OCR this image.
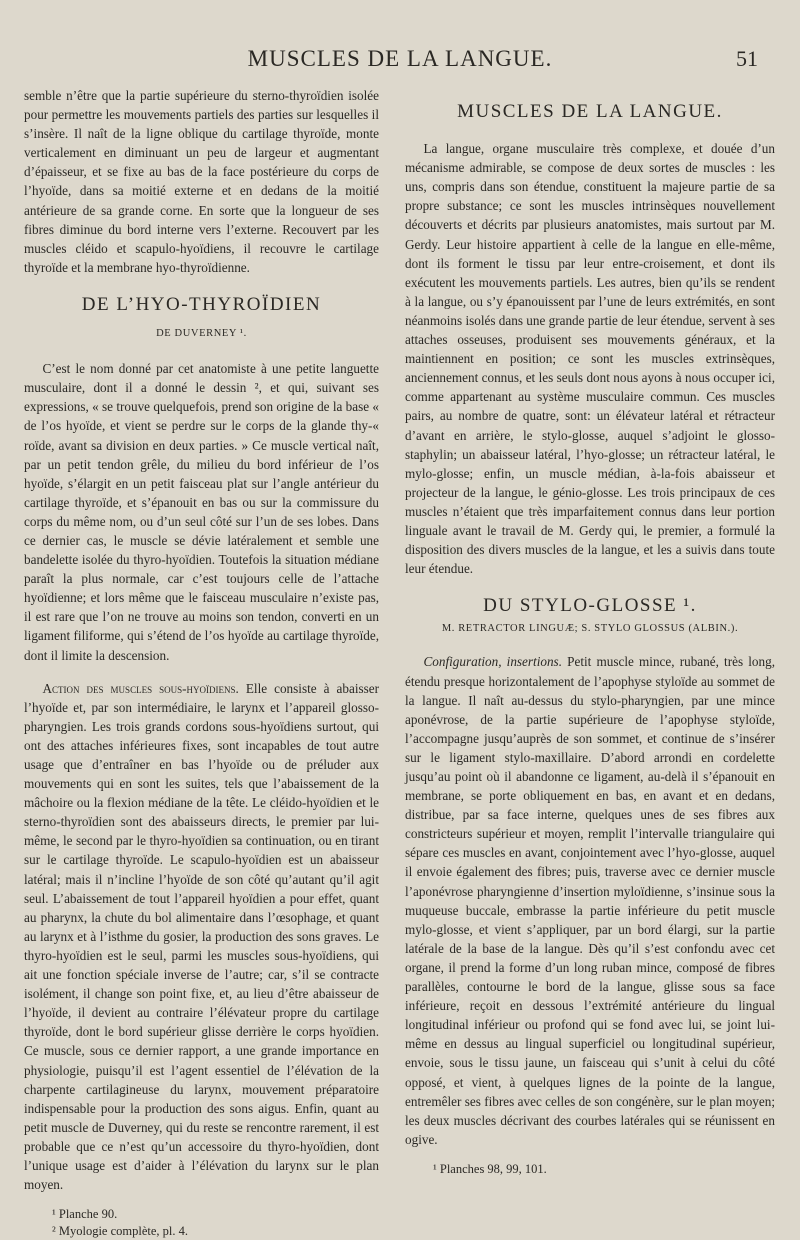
MUSCLES DE LA LANGUE.	51

semble n’être que la partie supérieure du sterno-thyroïdien isolée pour permettre les mouvements partiels des parties sur lesquelles il s’insère. Il naît de la ligne oblique du cartilage thyroïde, monte verticalement en diminuant un peu de largeur et augmentant d’épaisseur, et se fixe au bas de la face postérieure du corps de l’hyoïde, dans sa moitié externe et en dedans de la moitié antérieure de sa grande corne. En sorte que la longueur de ses fibres diminue du bord interne vers l’externe. Recouvert par les muscles cléido et scapulo-hyoïdiens, il recouvre le cartilage thyroïde et la membrane hyo-thyroïdienne.

DE L’HYO-THYROÏDIEN
DE DUVERNEY ¹.

C’est le nom donné par cet anatomiste à une petite languette musculaire, dont il a donné le dessin ², et qui, suivant ses expressions, « se trouve quelquefois, prend son origine de la base « de l’os hyoïde, et vient se perdre sur le corps de la glande thy-« roïde, avant sa division en deux parties. » Ce muscle vertical naît, par un petit tendon grêle, du milieu du bord inférieur de l’os hyoïde, s’élargit en un petit faisceau plat sur l’angle antérieur du cartilage thyroïde, et s’épanouit en bas ou sur la commissure du corps du même nom, ou d’un seul côté sur l’un de ses lobes. Dans ce dernier cas, le muscle se dévie latéralement et semble une bandelette isolée du thyro-hyoïdien. Toutefois la situation médiane paraît la plus normale, car c’est toujours celle de l’attache hyoïdienne; et lors même que le faisceau musculaire n’existe pas, il est rare que l’on ne trouve au moins son tendon, converti en un ligament filiforme, qui s’étend de l’os hyoïde au cartilage thyroïde, dont il limite la descension.

Action des muscles sous-hyoïdiens. Elle consiste à abaisser l’hyoïde et, par son intermédiaire, le larynx et l’appareil glosso-pharyngien. Les trois grands cordons sous-hyoïdiens surtout, qui ont des attaches inférieures fixes, sont incapables de tout autre usage que d’entraîner en bas l’hyoïde ou de préluder aux mouvements qui en sont les suites, tels que l’abaissement de la mâchoire ou la flexion médiane de la tête. Le cléido-hyoïdien et le sterno-thyroïdien sont des abaisseurs directs, le premier par lui-même, le second par le thyro-hyoïdien sa continuation, ou en tirant sur le cartilage thyroïde. Le scapulo-hyoïdien est un abaisseur latéral; mais il n’incline l’hyoïde de son côté qu’autant qu’il agit seul. L’abaissement de tout l’appareil hyoïdien a pour effet, quant au pharynx, la chute du bol alimentaire dans l’œsophage, et quant au larynx et à l’isthme du gosier, la production des sons graves. Le thyro-hyoïdien est le seul, parmi les muscles sous-hyoïdiens, qui ait une fonction spéciale inverse de l’autre; car, s’il se contracte isolément, il change son point fixe, et, au lieu d’être abaisseur de l’hyoïde, il devient au contraire l’élévateur propre du cartilage thyroïde, dont le bord supérieur glisse derrière le corps hyoïdien. Ce muscle, sous ce dernier rapport, a une grande importance en physiologie, puisqu’il est l’agent essentiel de l’élévation de la charpente cartilagineuse du larynx, mouvement préparatoire indispensable pour la production des sons aigus. Enfin, quant au petit muscle de Duverney, qui du reste se rencontre rarement, il est probable que ce n’est qu’un accessoire du thyro-hyoïdien, dont l’unique usage est d’aider à l’élévation du larynx sur le plan moyen.

¹ Planche 90.
² Myologie complète, pl. 4.
MUSCLES DE LA LANGUE.

La langue, organe musculaire très complexe, et douée d’un mécanisme admirable, se compose de deux sortes de muscles : les uns, compris dans son étendue, constituent la majeure partie de sa propre substance; ce sont les muscles intrinsèques nouvellement découverts et décrits par plusieurs anatomistes, mais surtout par M. Gerdy. Leur histoire appartient à celle de la langue en elle-même, dont ils forment le tissu par leur entre-croisement, et dont ils exécutent les mouvements partiels. Les autres, bien qu’ils se rendent à la langue, ou s’y épanouissent par l’une de leurs extrémités, en sont néanmoins isolés dans une grande partie de leur étendue, servent à ses attaches osseuses, produisent ses mouvements généraux, et la maintiennent en position; ce sont les muscles extrinsèques, anciennement connus, et les seuls dont nous ayons à nous occuper ici, comme appartenant au système musculaire commun. Ces muscles pairs, au nombre de quatre, sont: un élévateur latéral et rétracteur d’avant en arrière, le stylo-glosse, auquel s’adjoint le glosso-staphylin; un abaisseur latéral, l’hyo-glosse; un rétracteur latéral, le mylo-glosse; enfin, un muscle médian, à-la-fois abaisseur et projecteur de la langue, le génio-glosse. Les trois principaux de ces muscles n’étaient que très imparfaitement connus dans leur portion linguale avant le travail de M. Gerdy qui, le premier, a formulé la disposition des divers muscles de la langue, et les a suivis dans toute leur étendue.

DU STYLO-GLOSSE ¹.
M. RETRACTOR LINGUÆ; S. STYLO GLOSSUS (ALBIN.).

Configuration, insertions. Petit muscle mince, rubané, très long, étendu presque horizontalement de l’apophyse styloïde au sommet de la langue. Il naît au-dessus du stylo-pharyngien, par une mince aponévrose, de la partie supérieure de l’apophyse styloïde, l’accompagne jusqu’auprès de son sommet, et continue de s’insérer sur le ligament stylo-maxillaire. D’abord arrondi en cordelette jusqu’au point où il abandonne ce ligament, au-delà il s’épanouit en membrane, se porte obliquement en bas, en avant et en dedans, distribue, par sa face interne, quelques unes de ses fibres aux constricteurs supérieur et moyen, remplit l’intervalle triangulaire qui sépare ces muscles en avant, conjointement avec l’hyo-glosse, auquel il envoie également des fibres; puis, traverse avec ce dernier muscle l’aponévrose pharyngienne d’insertion myloïdienne, s’insinue sous la muqueuse buccale, embrasse la partie inférieure du petit muscle mylo-glosse, et vient s’appliquer, par un bord élargi, sur la partie latérale de la base de la langue. Dès qu’il s’est confondu avec cet organe, il prend la forme d’un long ruban mince, composé de fibres parallèles, contourne le bord de la langue, glisse sous sa face inférieure, reçoit en dessous l’extrémité antérieure du lingual longitudinal inférieur ou profond qui se fond avec lui, se joint lui-même en dessus au lingual superficiel ou longitudinal supérieur, envoie, sous le tissu jaune, un faisceau qui s’unit à celui du côté opposé, et vient, à quelques lignes de la pointe de la langue, entremêler ses fibres avec celles de son congénère, sur le plan moyen; les deux muscles décrivant des courbes latérales qui se réunissent en ogive.

¹ Planches 98, 99, 101.
